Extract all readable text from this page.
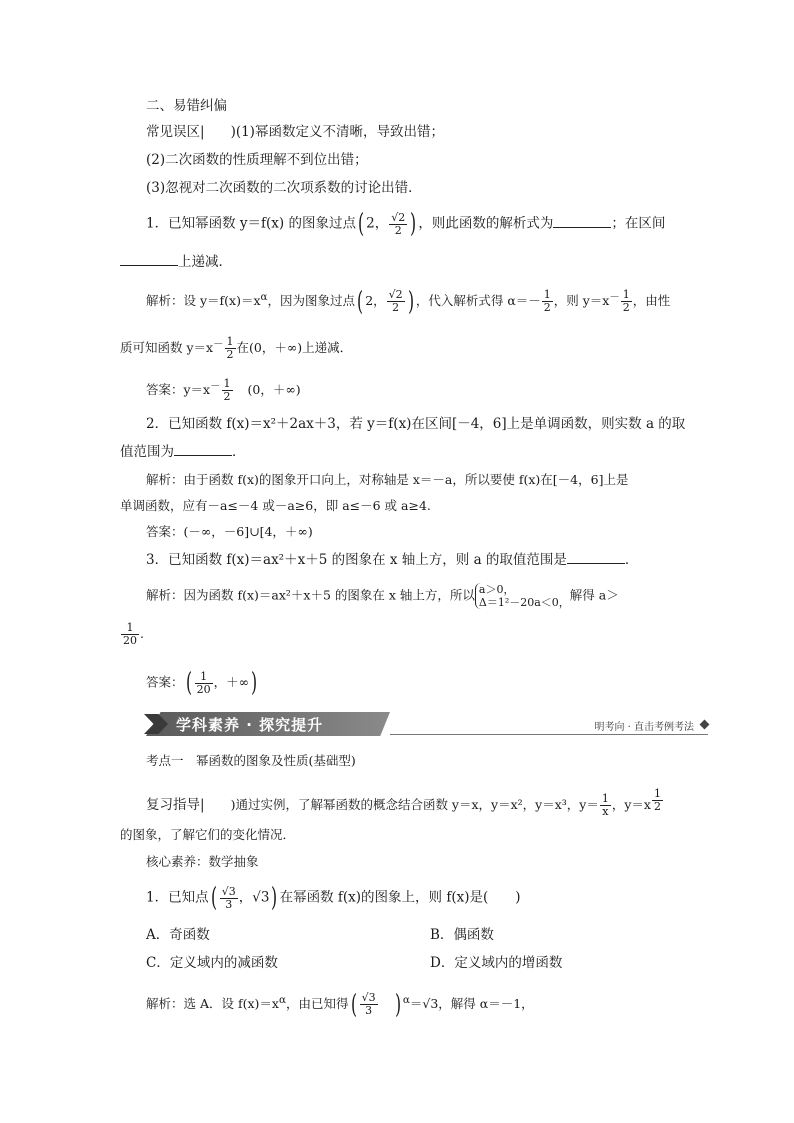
二、易错纠偏
常见误区| )(1)幂函数定义不清晰，导致出错；
(2)二次函数的性质理解不到位出错；
(3)忽视对二次函数的二次项系数的讨论出错．
1．已知幂函数 y＝f(x) 的图象过点( 2， $\frac{√2}{2}$ ) ，则此函数的解析式为	；在区间
上递减．
解析：设 $y=f(x)=x^\alpha$，因为图象过点( 2， $\frac{√2}{2}$ ) ，代入解析式得 $\alpha=- \frac{1}{2}$ ，则 $y=x^- \frac{1}{2}$ ，由性
质可知函数 $y=x^- \frac{1}{2}$ 在(0，＋∞)上递减．
答案：$y=x^- \frac{1}{2} (0$，＋∞)
2．已知函数 f(x)＝x²＋2ax＋3，若 y＝f(x)在区间[－4，6]上是单调函数，则实数 a 的取
值范围为	．
解析：由于函数 f(x)的图象开口向上，对称轴是 x＝－a，所以要使 f(x)在[－4，6]上是
单调函数，应有－a≤－4 或－a≥6，即 a≤－6 或 a≥4.
答案：(－∞，－6]∪[4，＋∞)
3．已知函数 f(x)＝ax²＋x＋5 的图象在 x 轴上方，则 a 的取值范围是	．
解析：因为函数 f(x)＝ax²＋x＋5 的图象在 x 轴上方，所以 a＞0，
Δ＝1²－20a＜0， 解得 a＞
$\frac{1}{20}$ .
答案：( $\frac{1}{20}$ ，＋∞)
学科素养 · 探究提升	明考向 · 直击考例考法
考点一　幂函数的图象及性质(基础型)
复习指导| )通过实例，了解幂函数的概念结合函数 y＝x，y＝x²，y＝x³，$y= \frac{1}{x}$ ，y＝x $^{\frac{1}{2}}$
的图象，了解它们的变化情况．
核心素养：数学抽象
1．已知点( $\frac{√3}{3}$ ，√3) 在幂函数 f(x)的图象上，则 f(x)是(　　)
A．奇函数	B．偶函数
C．定义域内的减函数	D．定义域内的增函数
解析：选 A．设 $f(x)=x^\alpha$，由已知得( $\frac{√3}{3}$ ) $^\alpha$＝√3，解得 α＝－1，
